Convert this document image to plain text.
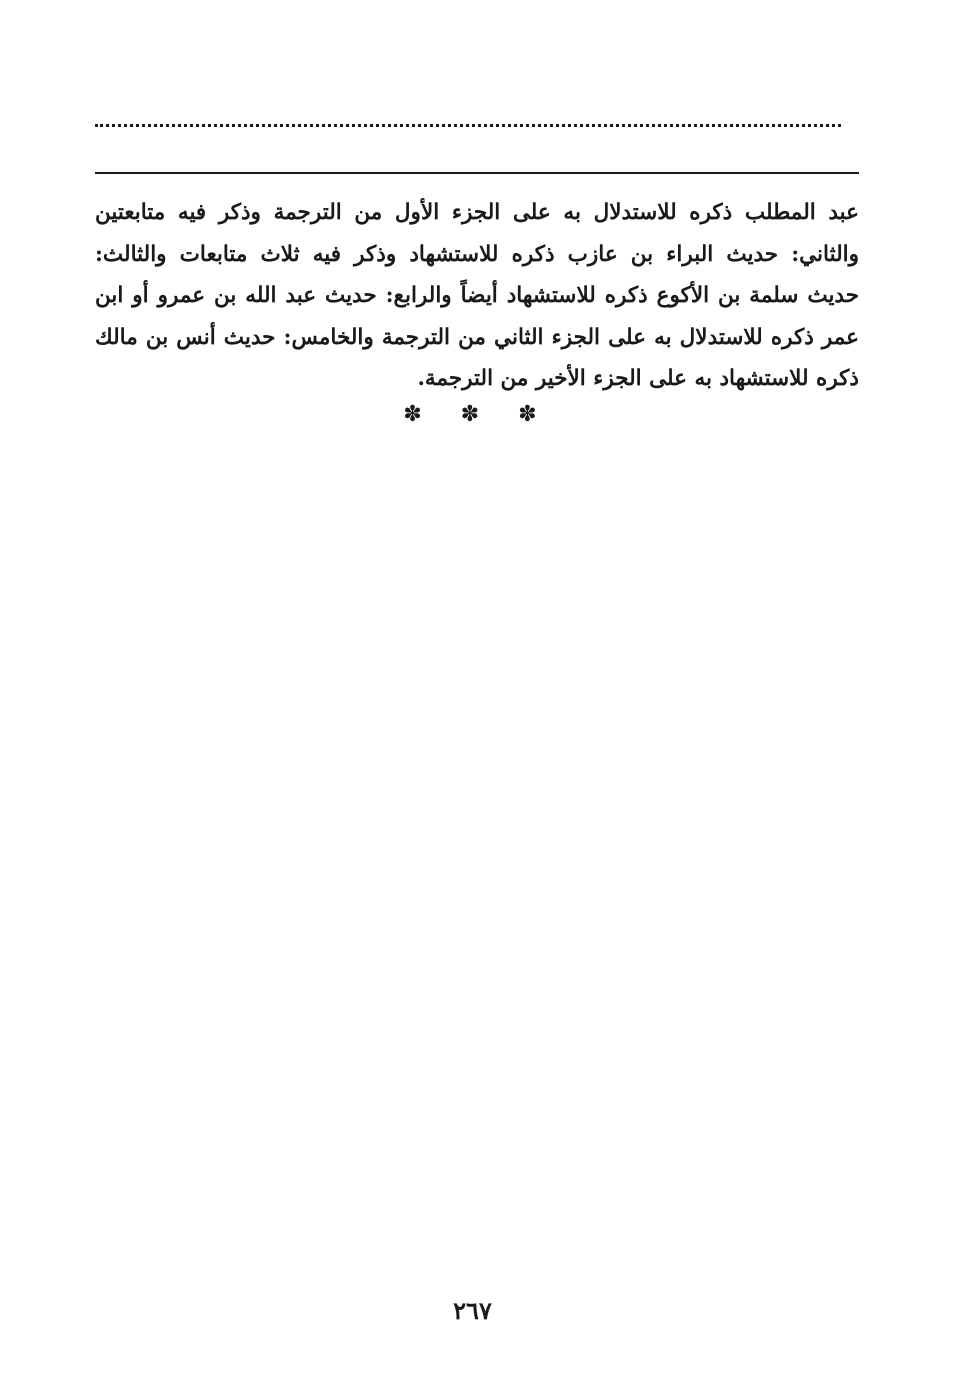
عبد المطلب ذكره للاستدلال به على الجزء الأول من الترجمة وذكر فيه متابعتين
والثاني: حديث البراء بن عازب ذكره للاستشهاد وذكر فيه ثلاث متابعات والثالث:
حديث سلمة بن الأكوع ذكره للاستشهاد أيضاً والرابع: حديث عبد الله بن عمرو أو ابن
عمر ذكره للاستدلال به على الجزء الثاني من الترجمة والخامس: حديث أنس بن مالك
ذكره للاستشهاد به على الجزء الأخير من الترجمة.
✽ ✽ ✽
٢٦٧
